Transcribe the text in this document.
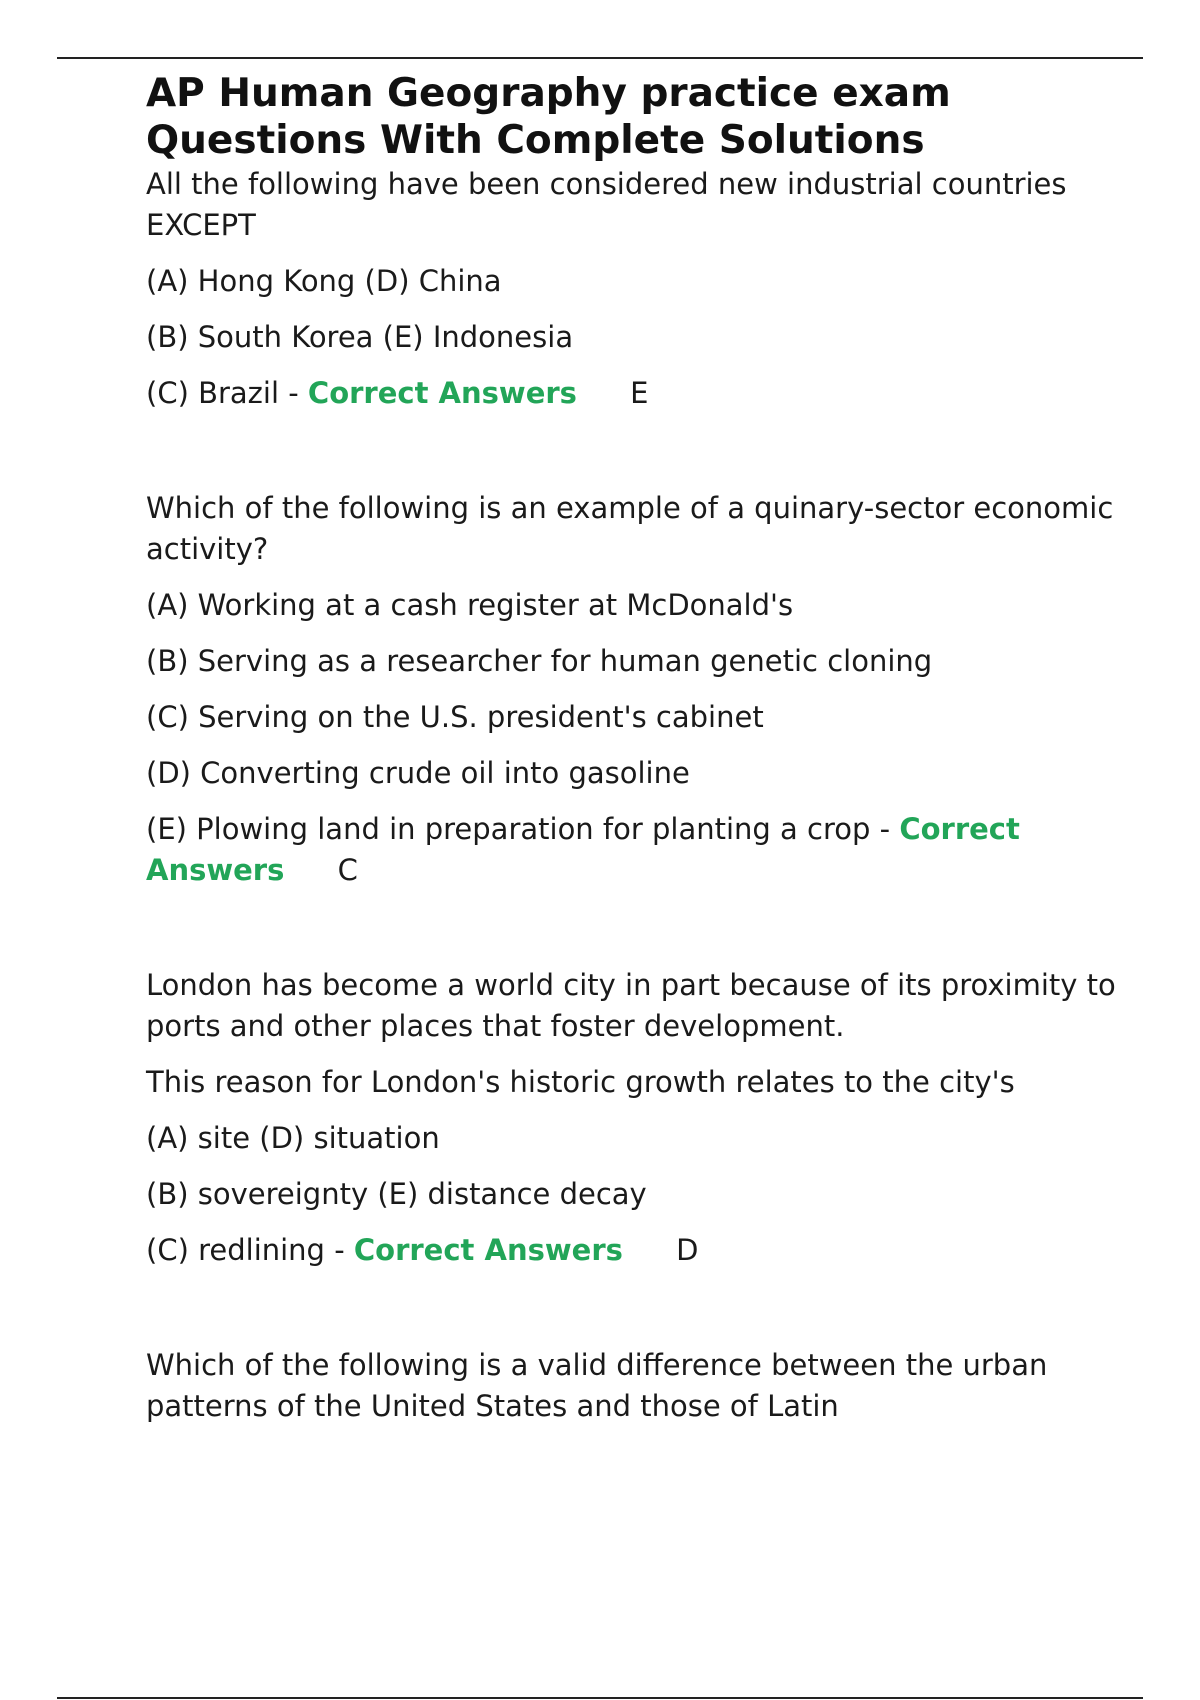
AP Human Geography practice exam
Questions With Complete Solutions

All the following have been considered new industrial countries EXCEPT

(A) Hong Kong (D) China

(B) South Korea (E) Indonesia

(C) Brazil - Correct Answers E

Which of the following is an example of a quinary-sector economic activity?

(A) Working at a cash register at McDonald's

(B) Serving as a researcher for human genetic cloning

(C) Serving on the U.S. president's cabinet

(D) Converting crude oil into gasoline

(E) Plowing land in preparation for planting a crop - Correct
Answers C

London has become a world city in part because of its proximity to ports and other places that foster development.

This reason for London's historic growth relates to the city's

(A) site (D) situation

(B) sovereignty (E) distance decay

(C) redlining - Correct Answers D

Which of the following is a valid difference between the urban patterns of the United States and those of Latin
